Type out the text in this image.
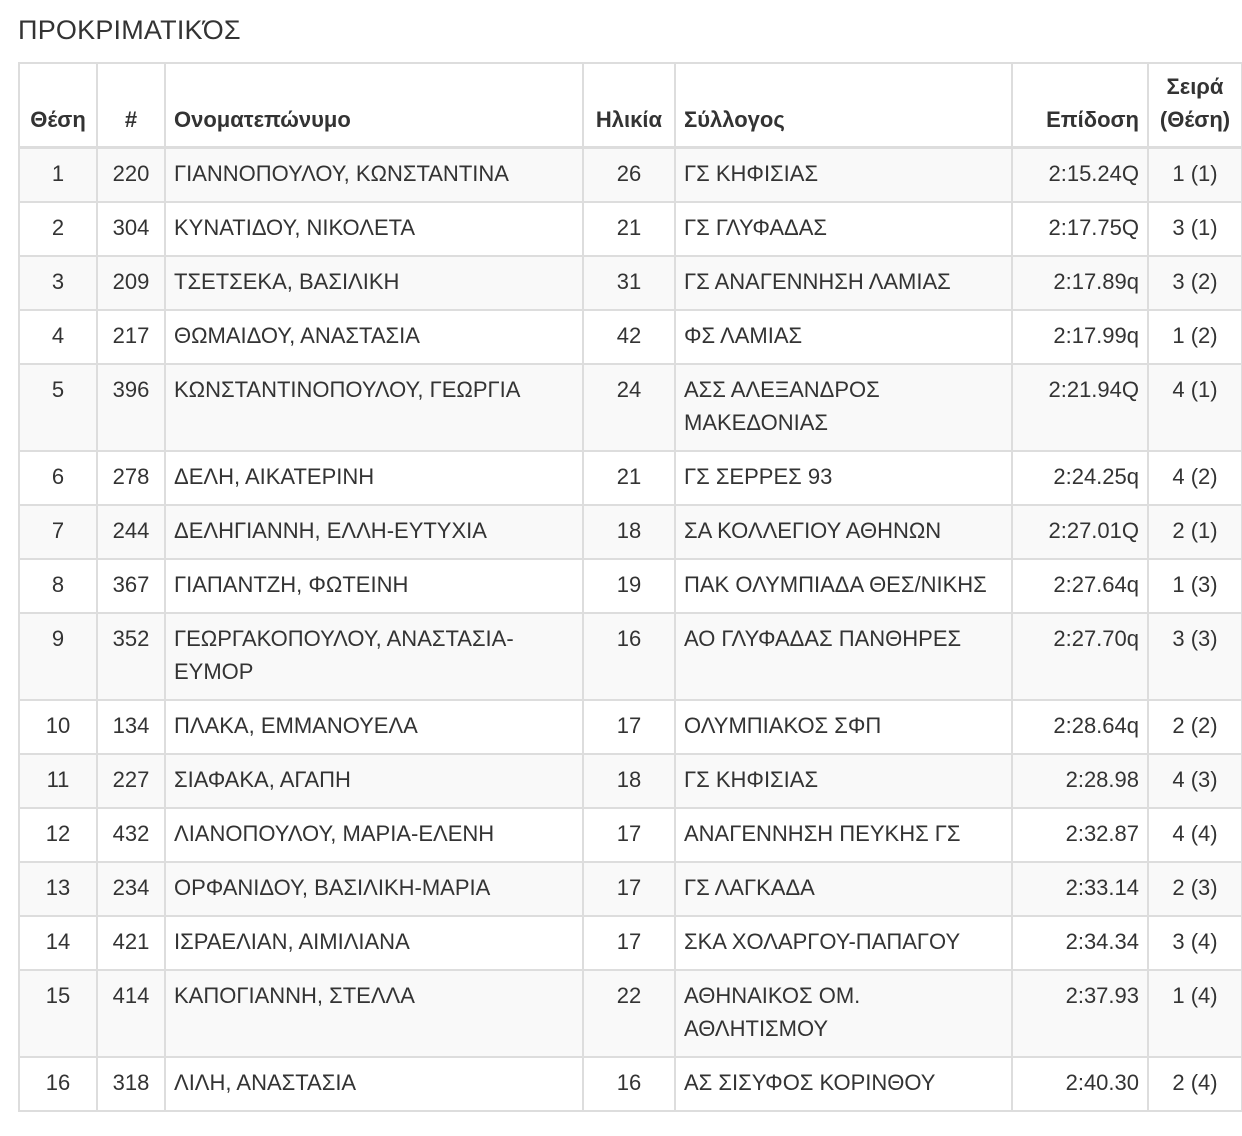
ΠΡΟΚΡΙΜΑΤΙΚΌΣ
Θέση	#	Ονοματεπώνυμο	Ηλικία	Σύλλογος	Επίδοση	Σειρά (Θέση)
1	220	ΓΙΑΝΝΟΠΟΥΛΟΥ, ΚΩΝΣΤΑΝΤΙΝΑ	26	ΓΣ ΚΗΦΙΣΙΑΣ	2:15.24Q	1 (1)
2	304	ΚΥΝΑΤΙΔΟΥ, ΝΙΚΟΛΕΤΑ	21	ΓΣ ΓΛΥΦΑΔΑΣ	2:17.75Q	3 (1)
3	209	ΤΣΕΤΣΕΚΑ, ΒΑΣΙΛΙΚΗ	31	ΓΣ ΑΝΑΓΕΝΝΗΣΗ ΛΑΜΙΑΣ	2:17.89q	3 (2)
4	217	ΘΩΜΑΙΔΟΥ, ΑΝΑΣΤΑΣΙΑ	42	ΦΣ ΛΑΜΙΑΣ	2:17.99q	1 (2)
5	396	ΚΩΝΣΤΑΝΤΙΝΟΠΟΥΛΟΥ, ΓΕΩΡΓΙΑ	24	ΑΣΣ ΑΛΕΞΑΝΔΡΟΣ ΜΑΚΕΔΟΝΙΑΣ	2:21.94Q	4 (1)
6	278	ΔΕΛΗ, ΑΙΚΑΤΕΡΙΝΗ	21	ΓΣ ΣΕΡΡΕΣ 93	2:24.25q	4 (2)
7	244	ΔΕΛΗΓΙΑΝΝΗ, ΕΛΛΗ-ΕΥΤΥΧΙΑ	18	ΣΑ ΚΟΛΛΕΓΙΟΥ ΑΘΗΝΩΝ	2:27.01Q	2 (1)
8	367	ΓΙΑΠΑΝΤΖΗ, ΦΩΤΕΙΝΗ	19	ΠΑΚ ΟΛΥΜΠΙΑΔΑ ΘΕΣ/ΝΙΚΗΣ	2:27.64q	1 (3)
9	352	ΓΕΩΡΓΑΚΟΠΟΥΛΟΥ, ΑΝΑΣΤΑΣΙΑ-ΕΥΜΟΡ	16	ΑΟ ΓΛΥΦΑΔΑΣ ΠΑΝΘΗΡΕΣ	2:27.70q	3 (3)
10	134	ΠΛΑΚΑ, ΕΜΜΑΝΟΥΕΛΑ	17	ΟΛΥΜΠΙΑΚΟΣ ΣΦΠ	2:28.64q	2 (2)
11	227	ΣΙΑΦΑΚΑ, ΑΓΑΠΗ	18	ΓΣ ΚΗΦΙΣΙΑΣ	2:28.98	4 (3)
12	432	ΛΙΑΝΟΠΟΥΛΟΥ, ΜΑΡΙΑ-ΕΛΕΝΗ	17	ΑΝΑΓΕΝΝΗΣΗ ΠΕΥΚΗΣ ΓΣ	2:32.87	4 (4)
13	234	ΟΡΦΑΝΙΔΟΥ, ΒΑΣΙΛΙΚΗ-ΜΑΡΙΑ	17	ΓΣ ΛΑΓΚΑΔΑ	2:33.14	2 (3)
14	421	ΙΣΡΑΕΛΙΑΝ, ΑΙΜΙΛΙΑΝΑ	17	ΣΚΑ ΧΟΛΑΡΓΟΥ-ΠΑΠΑΓΟΥ	2:34.34	3 (4)
15	414	ΚΑΠΟΓΙΑΝΝΗ, ΣΤΕΛΛΑ	22	ΑΘΗΝΑΙΚΟΣ ΟΜ. ΑΘΛΗΤΙΣΜΟΥ	2:37.93	1 (4)
16	318	ΛΙΛΗ, ΑΝΑΣΤΑΣΙΑ	16	ΑΣ ΣΙΣΥΦΟΣ ΚΟΡΙΝΘΟΥ	2:40.30	2 (4)
